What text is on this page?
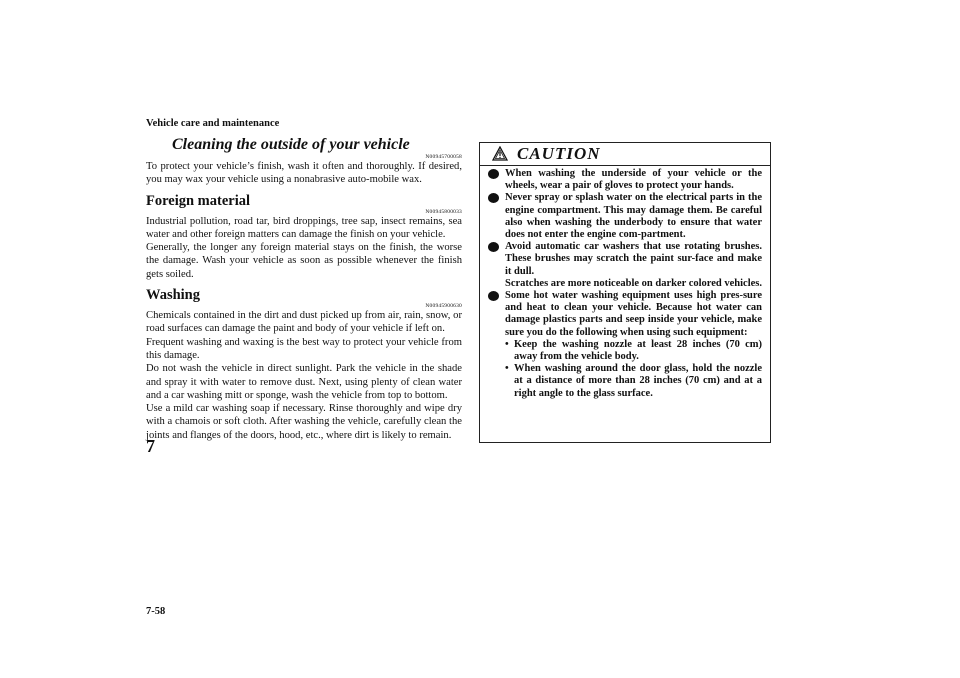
Vehicle care and maintenance
7
7-58
Cleaning the outside of your vehicle
N00945700058

To protect your vehicle’s finish, wash it often and thoroughly. If desired, you may wax your vehicle using a nonabrasive auto-mobile wax.

Foreign material
N00945800033

Industrial pollution, road tar, bird droppings, tree sap, insect remains, sea water and other foreign matters can damage the finish on your vehicle.

Generally, the longer any foreign material stays on the finish, the worse the damage. Wash your vehicle as soon as possible whenever the finish gets soiled.

Washing
N00945900630

Chemicals contained in the dirt and dust picked up from air, rain, snow, or road surfaces can damage the paint and body of your vehicle if left on.

Frequent washing and waxing is the best way to protect your vehicle from this damage.

Do not wash the vehicle in direct sunlight. Park the vehicle in the shade and spray it with water to remove dust. Next, using plenty of clean water and a car washing mitt or sponge, wash the vehicle from top to bottom.

Use a mild car washing soap if necessary. Rinse thoroughly and wipe dry with a chamois or soft cloth. After washing the vehicle, carefully clean the joints and flanges of the doors, hood, etc., where dirt is likely to remain.

CAUTION
When washing the underside of your vehicle or the wheels, wear a pair of gloves to protect your hands.
Never spray or splash water on the electrical parts in the engine compartment. This may damage them. Be careful also when washing the underbody to ensure that water does not enter the engine com-partment.
Avoid automatic car washers that use rotating brushes. These brushes may scratch the paint sur-face and make it dull.
Scratches are more noticeable on darker colored vehicles.
Some hot water washing equipment uses high pres-sure and heat to clean your vehicle. Because hot water can damage plastics parts and seep inside your vehicle, make sure you do the following when using such equipment:
• Keep the washing nozzle at least 28 inches (70 cm) away from the vehicle body.
• When washing around the door glass, hold the nozzle at a distance of more than 28 inches (70 cm) and at a right angle to the glass surface.
